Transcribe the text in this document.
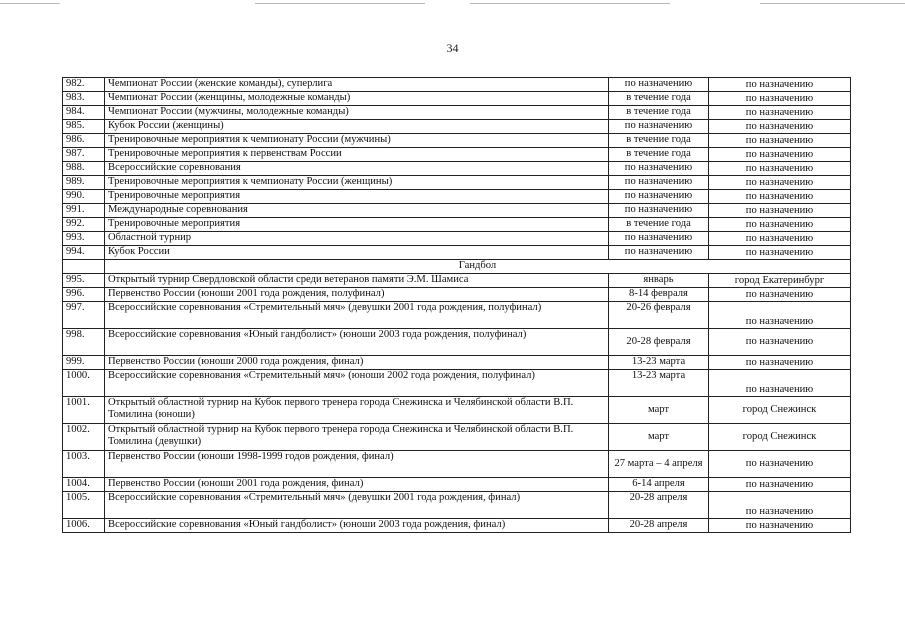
34
982.	Чемпионат России (женские команды), суперлига	по назначению	по назначению
983.	Чемпионат России (женщины, молодежные команды)	в течение года	по назначению
984.	Чемпионат России (мужчины, молодежные команды)	в течение года	по назначению
985.	Кубок России (женщины)	по назначению	по назначению
986.	Тренировочные мероприятия к чемпионату России (мужчины)	в течение года	по назначению
987.	Тренировочные мероприятия к первенствам России	в течение года	по назначению
988.	Всероссийские соревнования	по назначению	по назначению
989.	Тренировочные мероприятия к чемпионату России (женщины)	по назначению	по назначению
990.	Тренировочные мероприятия	по назначению	по назначению
991.	Международные соревнования	по назначению	по назначению
992.	Тренировочные мероприятия	в течение года	по назначению
993.	Областной турнир	по назначению	по назначению
994.	Кубок России	по назначению	по назначению
	Гандбол		
995.	Открытый турнир Свердловской области среди ветеранов памяти Э.М. Шамиса	январь	город Екатеринбург
996.	Первенство России (юноши 2001 года рождения, полуфинал)	8-14 февраля	по назначению
997.	Всероссийские соревнования «Стремительный мяч» (девушки 2001 года рождения, полуфинал)	20-26 февраля	по назначению
998.	Всероссийские соревнования «Юный гандболист» (юноши 2003 года рождения, полуфинал)	20-28 февраля	по назначению
999.	Первенство России (юноши 2000 года рождения, финал)	13-23 марта	по назначению
1000.	Всероссийские соревнования «Стремительный мяч» (юноши 2002 года рождения, полуфинал)	13-23 марта	по назначению
1001.	Открытый областной турнир на Кубок первого тренера города Снежинска и Челябинской области В.П. Томилина (юноши)	март	город Снежинск
1002.	Открытый областной турнир на Кубок первого тренера города Снежинска и Челябинской области В.П. Томилина (девушки)	март	город Снежинск
1003.	Первенство России (юноши 1998-1999 годов рождения, финал)	27 марта – 4 апреля	по назначению
1004.	Первенство России (юноши 2001 года рождения, финал)	6-14 апреля	по назначению
1005.	Всероссийские соревнования «Стремительный мяч» (девушки 2001 года рождения, финал)	20-28 апреля	по назначению
1006.	Всероссийские соревнования «Юный гандболист» (юноши 2003 года рождения, финал)	20-28 апреля	по назначению
